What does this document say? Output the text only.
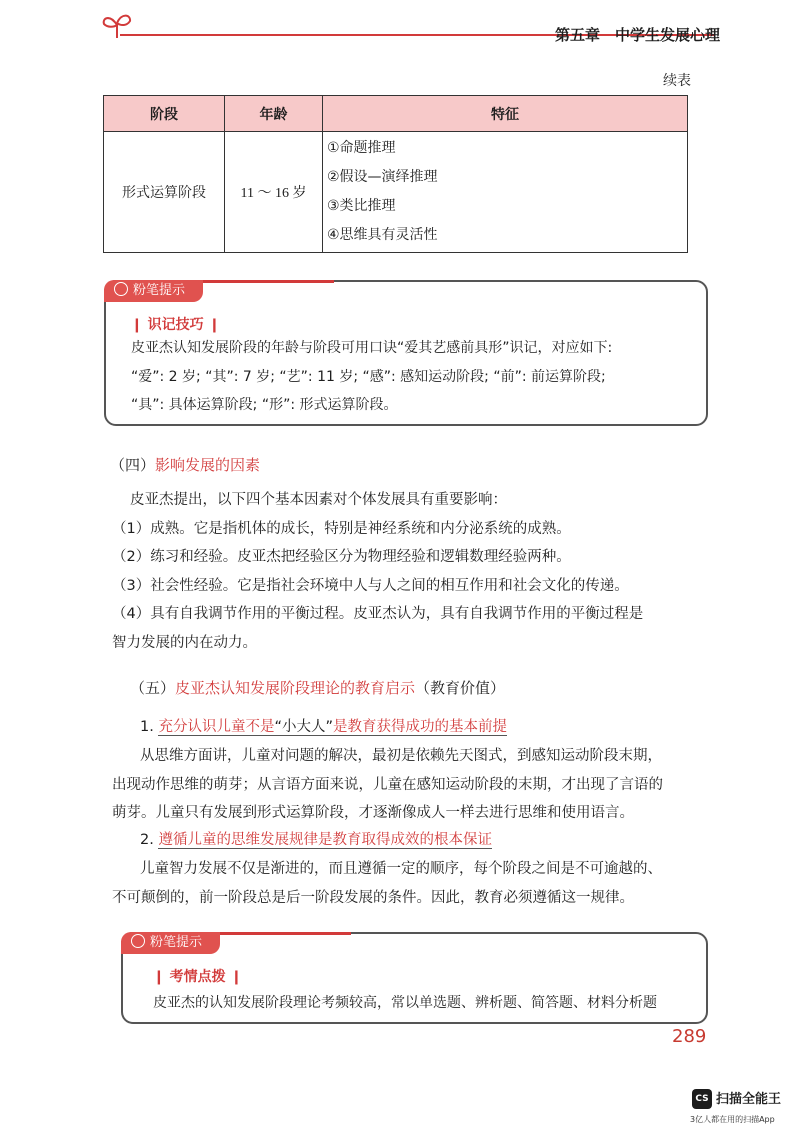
第五章　中学生发展心理
续表
阶段	年龄	特征
形式运算阶段	11 ～ 16 岁	①命题推理
②假设—演绎推理
③类比推理
④思维具有灵活性
粉笔提示
❙ 识记技巧 ❙
皮亚杰认知发展阶段的年龄与阶段可用口诀“爱其艺感前具形”识记，对应如下:
“爱”: 2 岁; “其”: 7 岁; “艺”: 11 岁; “感”: 感知运动阶段; “前”: 前运算阶段;
“具”: 具体运算阶段; “形”: 形式运算阶段。
（四）影响发展的因素
皮亚杰提出，以下四个基本因素对个体发展具有重要影响：
（1）成熟。它是指机体的成长，特别是神经系统和内分泌系统的成熟。
（2）练习和经验。皮亚杰把经验区分为物理经验和逻辑数理经验两种。
（3）社会性经验。它是指社会环境中人与人之间的相互作用和社会文化的传递。
（4）具有自我调节作用的平衡过程。皮亚杰认为，具有自我调节作用的平衡过程是
智力发展的内在动力。
（五）皮亚杰认知发展阶段理论的教育启示（教育价值）
1. 充分认识儿童不是“小大人”是教育获得成功的基本前提
从思维方面讲，儿童对问题的解决，最初是依赖先天图式，到感知运动阶段末期，
出现动作思维的萌芽；从言语方面来说，儿童在感知运动阶段的末期，才出现了言语的
萌芽。儿童只有发展到形式运算阶段，才逐渐像成人一样去进行思维和使用语言。
2. 遵循儿童的思维发展规律是教育取得成效的根本保证
儿童智力发展不仅是渐进的，而且遵循一定的顺序，每个阶段之间是不可逾越的、
不可颠倒的，前一阶段总是后一阶段发展的条件。因此，教育必须遵循这一规律。
粉笔提示
❙ 考情点拨 ❙
皮亚杰的认知发展阶段理论考频较高，常以单选题、辨析题、简答题、材料分析题
289
CS 扫描全能王
3亿人都在用的扫描App
